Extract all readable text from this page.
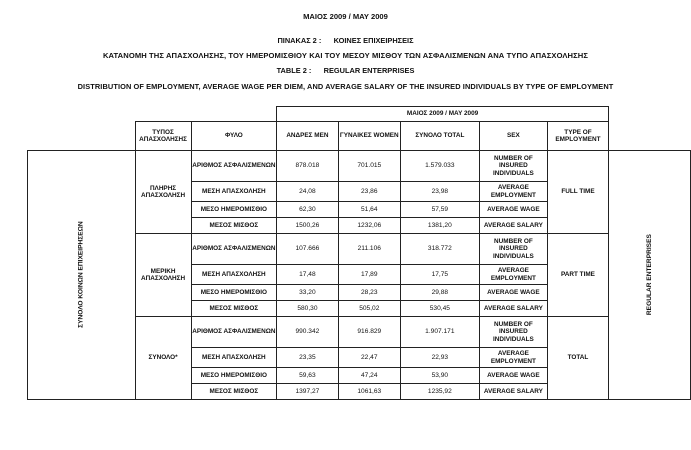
ΜΑΙΟΣ 2009 / MAY 2009
ΠΙΝΑΚΑΣ 2 :      ΚΟΙΝΕΣ ΕΠΙΧΕΙΡΗΣΕΙΣ
ΚΑΤΑΝΟΜΗ ΤΗΣ ΑΠΑΣΧΟΛΗΣΗΣ, ΤΟΥ ΗΜΕΡΟΜΙΣΘΙΟΥ ΚΑΙ ΤΟΥ ΜΕΣΟΥ ΜΙΣΘΟΥ ΤΩΝ ΑΣΦΑΛΙΣΜΕΝΩΝ ΑΝΑ ΤΥΠΟ ΑΠΑΣΧΟΛΗΣΗΣ
TABLE 2 :      REGULAR ENTERPRISES
DISTRIBUTION OF EMPLOYMENT, AVERAGE WAGE PER DIEM, AND AVERAGE SALARY OF THE INSURED INDIVIDUALS BY TYPE OF EMPLOYMENT
			ΜΑΙΟΣ 2009 / MAY 2009					
	ΤΥΠΟΣ ΑΠΑΣΧΟΛΗΣΗΣ	ΦΥΛΟ	ΑΝΔΡΕΣ MEN	ΓΥΝΑΙΚΕΣ WOMEN	ΣΥΝΟΛΟ TOTAL	SEX	TYPE OF EMPLOYMENT	
ΣΥΝΟΛΟ ΚΟΙΝΩΝ ΕΠΙΧΕΙΡΗΣΕΩΝ	ΠΛΗΡΗΣ ΑΠΑΣΧΟΛΗΣΗ	ΑΡΙΘΜΟΣ ΑΣΦΑΛΙΣΜΕΝΩΝ	878.018	701.015	1.579.033	NUMBER OF INSURED INDIVIDUALS	FULL TIME	REGULAR ENTERPRISES
		ΜΕΣΗ ΑΠΑΣΧΟΛΗΣΗ	24,08	23,86	23,98	AVERAGE EMPLOYMENT		
		ΜΕΣΟ ΗΜΕΡΟΜΙΣΘΙΟ	62,30	51,64	57,59	AVERAGE WAGE		
		ΜΕΣΟΣ ΜΙΣΘΟΣ	1500,26	1232,06	1381,20	AVERAGE SALARY		
	ΜΕΡΙΚΗ ΑΠΑΣΧΟΛΗΣΗ	ΑΡΙΘΜΟΣ ΑΣΦΑΛΙΣΜΕΝΩΝ	107.666	211.106	318.772	NUMBER OF INSURED INDIVIDUALS	PART TIME	
		ΜΕΣΗ ΑΠΑΣΧΟΛΗΣΗ	17,48	17,89	17,75	AVERAGE EMPLOYMENT		
		ΜΕΣΟ ΗΜΕΡΟΜΙΣΘΙΟ	33,20	28,23	29,88	AVERAGE WAGE		
		ΜΕΣΟΣ ΜΙΣΘΟΣ	580,30	505,02	530,45	AVERAGE SALARY		
	ΣΥΝΟΛΟ*	ΑΡΙΘΜΟΣ ΑΣΦΑΛΙΣΜΕΝΩΝ	990.342	916.829	1.907.171	NUMBER OF INSURED INDIVIDUALS	TOTAL	
		ΜΕΣΗ ΑΠΑΣΧΟΛΗΣΗ	23,35	22,47	22,93	AVERAGE EMPLOYMENT		
		ΜΕΣΟ ΗΜΕΡΟΜΙΣΘΙΟ	59,63	47,24	53,90	AVERAGE WAGE		
		ΜΕΣΟΣ ΜΙΣΘΟΣ	1397,27	1061,63	1235,92	AVERAGE SALARY		
